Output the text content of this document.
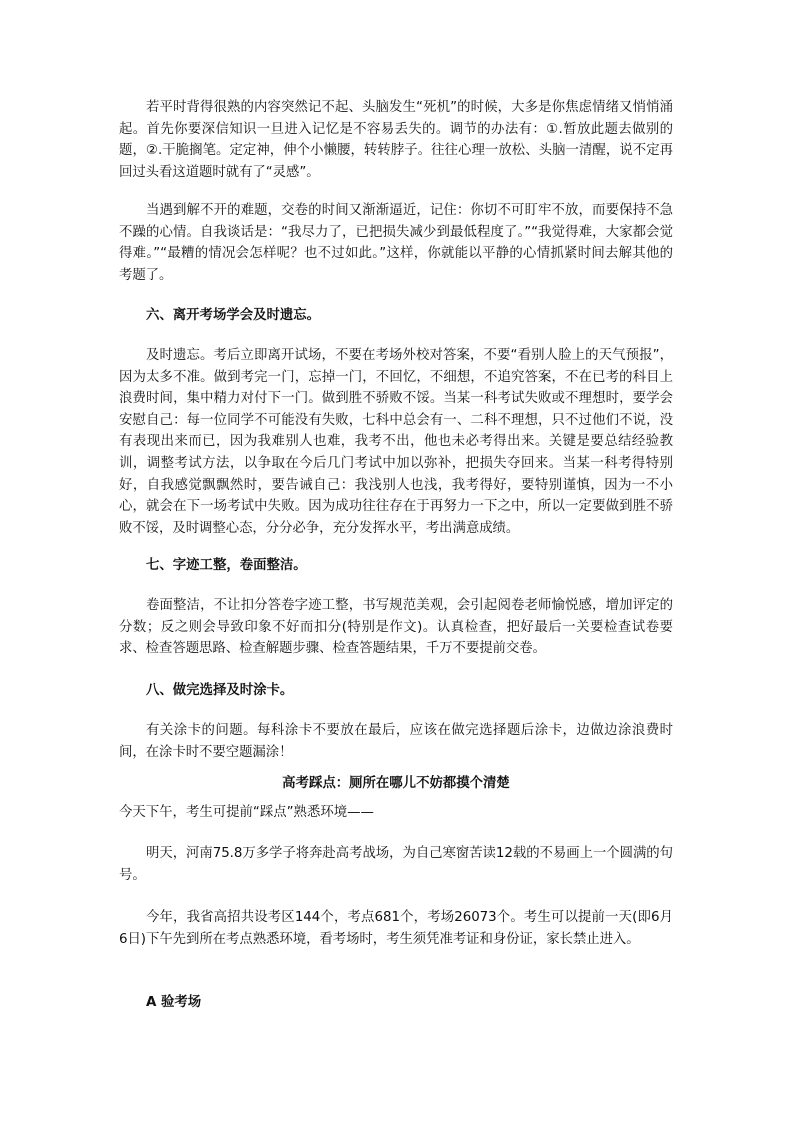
若平时背得很熟的内容突然记不起、头脑发生“死机”的时候，大多是你焦虑情绪又悄悄涌起。首先你要深信知识一旦进入记忆是不容易丢失的。调节的办法有：①.暂放此题去做别的题，②.干脆搁笔。定定神，伸个小懒腰，转转脖子。往往心理一放松、头脑一清醒，说不定再回过头看这道题时就有了“灵感”。

当遇到解不开的难题，交卷的时间又渐渐逼近，记住：你切不可盯牢不放，而要保持不急不躁的心情。自我谈话是：“我尽力了，已把损失减少到最低程度了。”“我觉得难，大家都会觉得难。”“最糟的情况会怎样呢？也不过如此。”这样，你就能以平静的心情抓紧时间去解其他的考题了。

六、离开考场学会及时遗忘。

及时遗忘。考后立即离开试场，不要在考场外校对答案，不要“看别人脸上的天气预报”，因为太多不准。做到考完一门，忘掉一门，不回忆，不细想，不追究答案，不在已考的科目上浪费时间，集中精力对付下一门。做到胜不骄败不馁。当某一科考试失败或不理想时，要学会安慰自己：每一位同学不可能没有失败，七科中总会有一、二科不理想，只不过他们不说，没有表现出来而已，因为我难别人也难，我考不出，他也未必考得出来。关键是要总结经验教训，调整考试方法，以争取在今后几门考试中加以弥补，把损失夺回来。当某一科考得特别好，自我感觉飘飘然时，要告诫自己：我浅别人也浅，我考得好，要特别谨慎，因为一不小心，就会在下一场考试中失败。因为成功往往存在于再努力一下之中，所以一定要做到胜不骄败不馁，及时调整心态，分分必争，充分发挥水平，考出满意成绩。

七、字迹工整，卷面整洁。

卷面整洁，不让扣分答卷字迹工整，书写规范美观，会引起阅卷老师愉悦感，增加评定的分数；反之则会导致印象不好而扣分(特别是作文)。认真检查，把好最后一关要检查试卷要求、检查答题思路、检查解题步骤、检查答题结果，千万不要提前交卷。

八、做完选择及时涂卡。

有关涂卡的问题。每科涂卡不要放在最后，应该在做完选择题后涂卡，边做边涂浪费时间，在涂卡时不要空题漏涂！

高考踩点：厕所在哪儿不妨都摸个清楚

今天下午，考生可提前“踩点”熟悉环境——

明天，河南75.8万多学子将奔赴高考战场，为自己寒窗苦读12载的不易画上一个圆满的句号。

今年，我省高招共设考区144个，考点681个，考场26073个。考生可以提前一天(即6月6日)下午先到所在考点熟悉环境，看考场时，考生须凭准考证和身份证，家长禁止进入。

A 验考场
